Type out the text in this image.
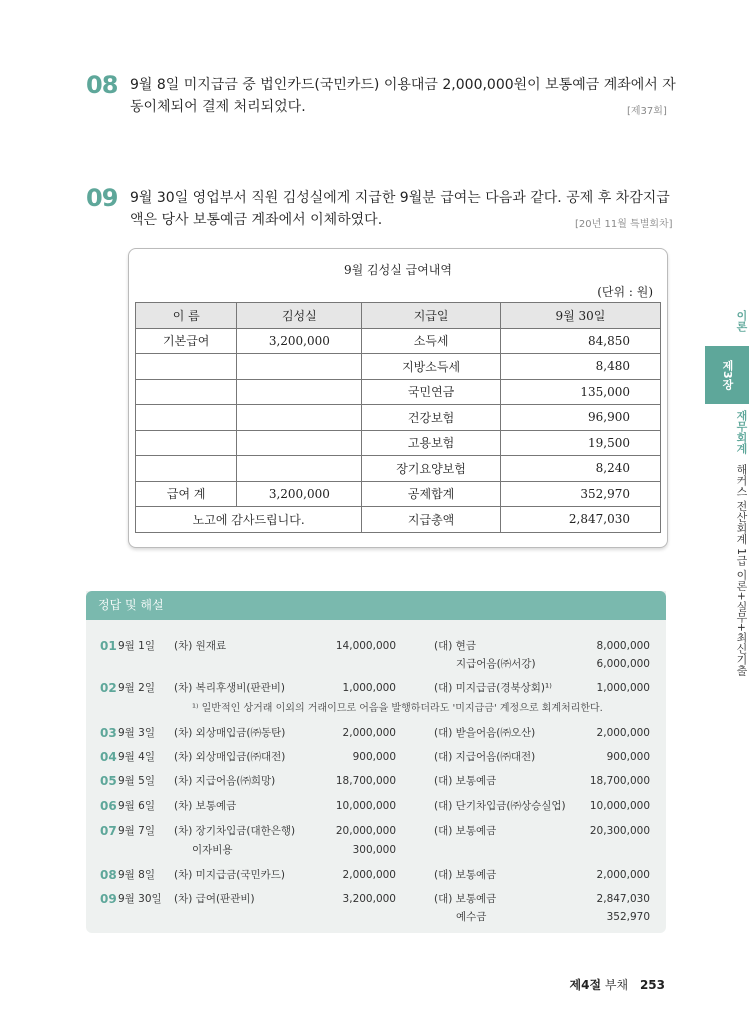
08 9월 8일 미지급금 중 법인카드(국민카드) 이용대금 2,000,000원이 보통예금 계좌에서 자
동이체되어 결제 처리되었다.	[제37회]
09 9월 30일 영업부서 직원 김성실에게 지급한 9월분 급여는 다음과 같다. 공제 후 차감지급
액은 당사 보통예금 계좌에서 이체하였다.	[20년 11월 특별회차]
9월 김성실 급여내역
(단위 : 원)
이 름	김성실	지급일	9월 30일
기본급여	3,200,000	소득세	84,850
		지방소득세	8,480
		국민연금	135,000
		건강보험	96,900
		고용보험	19,500
		장기요양보험	8,240
급여 계	3,200,000	공제합계	352,970
노고에 감사드립니다.		지급총액	2,847,030
정답 및 해설
01 9월 1일 (차) 원재료	14,000,000	(대) 현금	8,000,000
지급어음(㈜서강)	6,000,000
02 9월 2일 (차) 복리후생비(판관비)	1,000,000	(대) 미지급금(경북상회)¹⁾	1,000,000
¹⁾ 일반적인 상거래 이외의 거래이므로 어음을 발행하더라도 '미지급금' 계정으로 회계처리한다.
03 9월 3일 (차) 외상매입금(㈜동탄)	2,000,000	(대) 받을어음(㈜오산)	2,000,000
04 9월 4일 (차) 외상매입금(㈜대전)	900,000	(대) 지급어음(㈜대전)	900,000
05 9월 5일 (차) 지급어음(㈜희망)	18,700,000	(대) 보통예금	18,700,000
06 9월 6일 (차) 보통예금	10,000,000	(대) 단기차입금(㈜상승실업) 10,000,000
07 9월 7일 (차) 장기차입금(대한은행)	20,000,000	(대) 보통예금	20,300,000
이자비용	300,000
08 9월 8일 (차) 미지급금(국민카드)	2,000,000	(대) 보통예금	2,000,000
09 9월 30일 (차) 급여(판관비)	3,200,000	(대) 보통예금	2,847,030
예수금	352,970
이론
제3장
재무회계
해커스 전산회계 1급 이론+실무+최신기출
제4절 부채 253
